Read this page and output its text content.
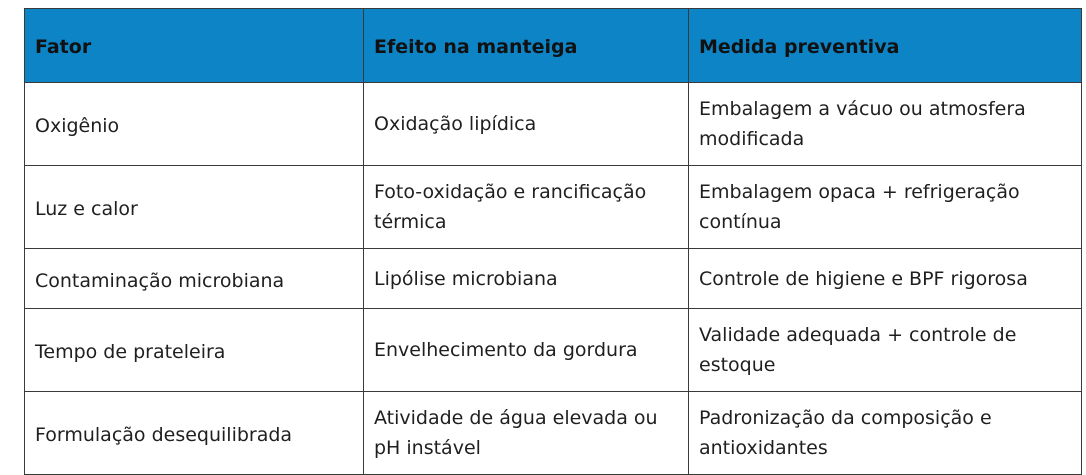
Fator	Efeito na manteiga	Medida preventiva
Oxigênio	Oxidação lipídica	Embalagem a vácuo ou atmosfera modificada
Luz e calor	Foto-oxidação e rancificação térmica	Embalagem opaca + refrigeração contínua
Contaminação microbiana	Lipólise microbiana	Controle de higiene e BPF rigorosa
Tempo de prateleira	Envelhecimento da gordura	Validade adequada + controle de estoque
Formulação desequilibrada	Atividade de água elevada ou pH instável	Padronização da composição e antioxidantes
